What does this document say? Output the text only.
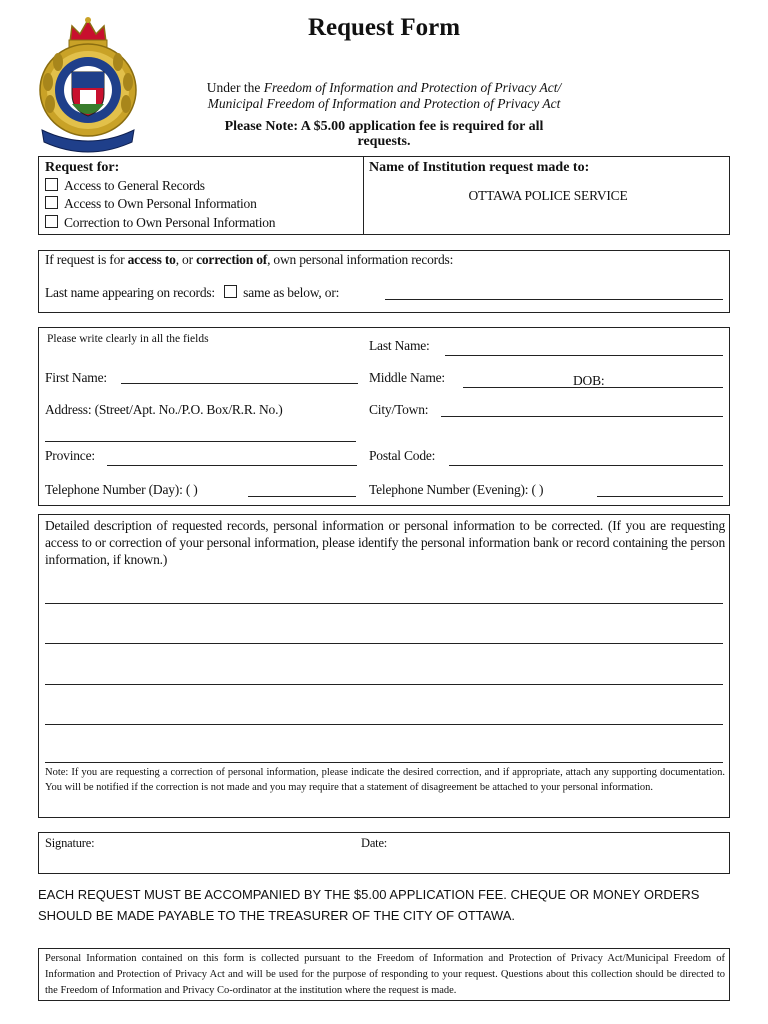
Request Form
Under the Freedom of Information and Protection of Privacy Act/
Municipal Freedom of Information and Protection of Privacy Act
Please Note: A $5.00 application fee is required for all
requests.
Request for:
Access to General Records
Access to Own Personal Information
Correction to Own Personal Information
Name of Institution request made to:
OTTAWA POLICE SERVICE
If request is for access to, or correction of, own personal information records:
Last name appearing on records: same as below, or:
Please write clearly in all the fields	Last Name:
First Name:	Middle Name:	DOB:
Address: (Street/Apt. No./P.O. Box/R.R. No.)	City/Town:
Province:	Postal Code:
Telephone Number (Day): ( )	Telephone Number (Evening): ( )
Detailed description of requested records, personal information or personal information to be corrected. (If you are requesting access to or correction of your personal information, please identify the personal information bank or record containing the person information, if known.)
Note: If you are requesting a correction of personal information, please indicate the desired correction, and if appropriate, attach any supporting documentation. You will be notified if the correction is not made and you may require that a statement of disagreement be attached to your personal information.
Signature:	Date:
EACH REQUEST MUST BE ACCOMPANIED BY THE $5.00 APPLICATION FEE. CHEQUE OR MONEY ORDERS SHOULD BE MADE PAYABLE TO THE TREASURER OF THE CITY OF OTTAWA.
Personal Information contained on this form is collected pursuant to the Freedom of Information and Protection of Privacy Act/Municipal Freedom of Information and Protection of Privacy Act and will be used for the purpose of responding to your request. Questions about this collection should be directed to the Freedom of Information and Privacy Co-ordinator at the institution where the request is made.
